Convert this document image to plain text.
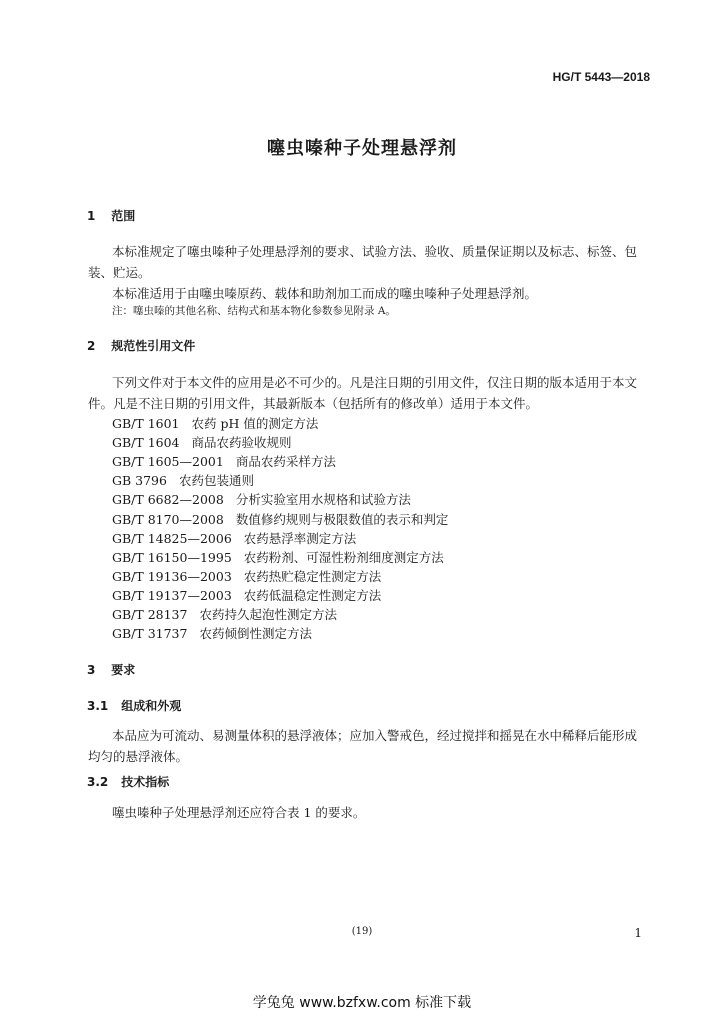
HG/T 5443—2018
噻虫嗪种子处理悬浮剂
1 范围
本标准规定了噻虫嗪种子处理悬浮剂的要求、试验方法、验收、质量保证期以及标志、标签、包
装、贮运。
本标准适用于由噻虫嗪原药、载体和助剂加工而成的噻虫嗪种子处理悬浮剂。
注：噻虫嗪的其他名称、结构式和基本物化参数参见附录 A。
2 规范性引用文件
下列文件对于本文件的应用是必不可少的。凡是注日期的引用文件，仅注日期的版本适用于本文
件。凡是不注日期的引用文件，其最新版本（包括所有的修改单）适用于本文件。
GB/T 1601 农药 pH 值的测定方法
GB/T 1604 商品农药验收规则
GB/T 1605—2001 商品农药采样方法
GB 3796 农药包装通则
GB/T 6682—2008 分析实验室用水规格和试验方法
GB/T 8170—2008 数值修约规则与极限数值的表示和判定
GB/T 14825—2006 农药悬浮率测定方法
GB/T 16150—1995 农药粉剂、可湿性粉剂细度测定方法
GB/T 19136—2003 农药热贮稳定性测定方法
GB/T 19137—2003 农药低温稳定性测定方法
GB/T 28137 农药持久起泡性测定方法
GB/T 31737 农药倾倒性测定方法
3 要求
3.1 组成和外观
本品应为可流动、易测量体积的悬浮液体；应加入警戒色，经过搅拌和摇晃在水中稀释后能形成
均匀的悬浮液体。
3.2 技术指标
噻虫嗪种子处理悬浮剂还应符合表 1 的要求。
(19)	1
学兔兔 www.bzfxw.com 标准下载
